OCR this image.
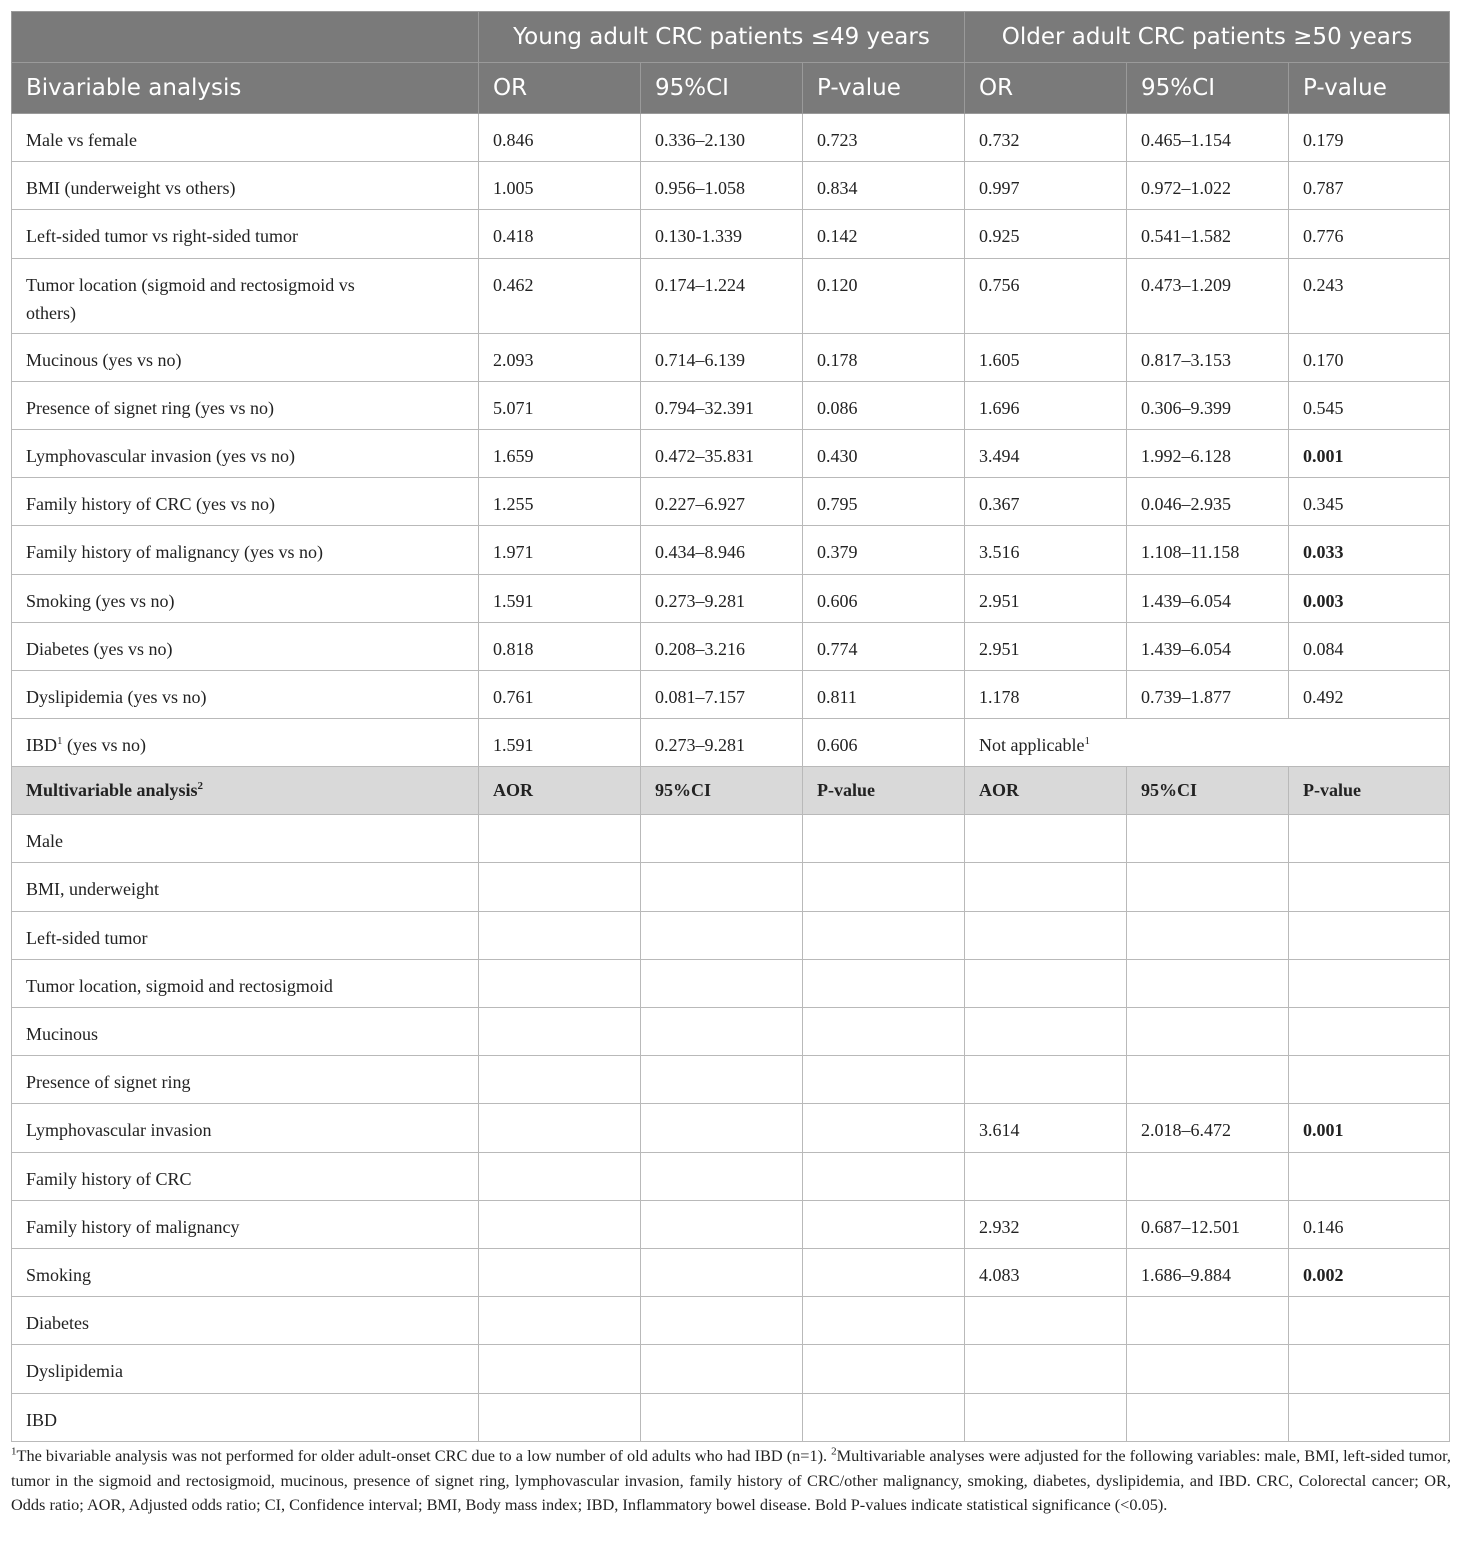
	Young adult CRC patients ≤49 years			Older adult CRC patients ≥50 years		
Bivariable analysis	OR	95%CI	P-value	OR	95%CI	P-value
Male vs female	0.846	0.336–2.130	0.723	0.732	0.465–1.154	0.179
BMI (underweight vs others)	1.005	0.956–1.058	0.834	0.997	0.972–1.022	0.787
Left-sided tumor vs right-sided tumor	0.418	0.130-1.339	0.142	0.925	0.541–1.582	0.776
Tumor location (sigmoid and rectosigmoid vs others)	0.462	0.174–1.224	0.120	0.756	0.473–1.209	0.243
Mucinous (yes vs no)	2.093	0.714–6.139	0.178	1.605	0.817–3.153	0.170
Presence of signet ring (yes vs no)	5.071	0.794–32.391	0.086	1.696	0.306–9.399	0.545
Lymphovascular invasion (yes vs no)	1.659	0.472–35.831	0.430	3.494	1.992–6.128	0.001
Family history of CRC (yes vs no)	1.255	0.227–6.927	0.795	0.367	0.046–2.935	0.345
Family history of malignancy (yes vs no)	1.971	0.434–8.946	0.379	3.516	1.108–11.158	0.033
Smoking (yes vs no)	1.591	0.273–9.281	0.606	2.951	1.439–6.054	0.003
Diabetes (yes vs no)	0.818	0.208–3.216	0.774	2.951	1.439–6.054	0.084
Dyslipidemia (yes vs no)	0.761	0.081–7.157	0.811	1.178	0.739–1.877	0.492
IBD$^1$ (yes vs no)	1.591	0.273–9.281	0.606	Not applicable$^1$
Multivariable analysis$^2$	AOR	95%CI	P-value	AOR	95%CI	P-value
Male						
BMI, underweight						
Left-sided tumor						
Tumor location, sigmoid and rectosigmoid						
Mucinous						
Presence of signet ring						
Lymphovascular invasion				3.614	2.018–6.472	0.001
Family history of CRC						
Family history of malignancy				2.932	0.687–12.501	0.146
Smoking				4.083	1.686–9.884	0.002
Diabetes						
Dyslipidemia						
IBD						
$^1$The bivariable analysis was not performed for older adult-onset CRC due to a low number of old adults who had IBD (n=1). $^2$Multivariable analyses were adjusted for the following variables: male, BMI, left-sided tumor, tumor in the sigmoid and rectosigmoid, mucinous, presence of signet ring, lymphovascular invasion, family history of CRC/other malignancy, smoking, diabetes, dyslipidemia, and IBD. CRC, Colorectal cancer; OR, Odds ratio; AOR, Adjusted odds ratio; CI, Confidence interval; BMI, Body mass index; IBD, Inflammatory bowel disease. Bold P-values indicate statistical significance (<0.05).
